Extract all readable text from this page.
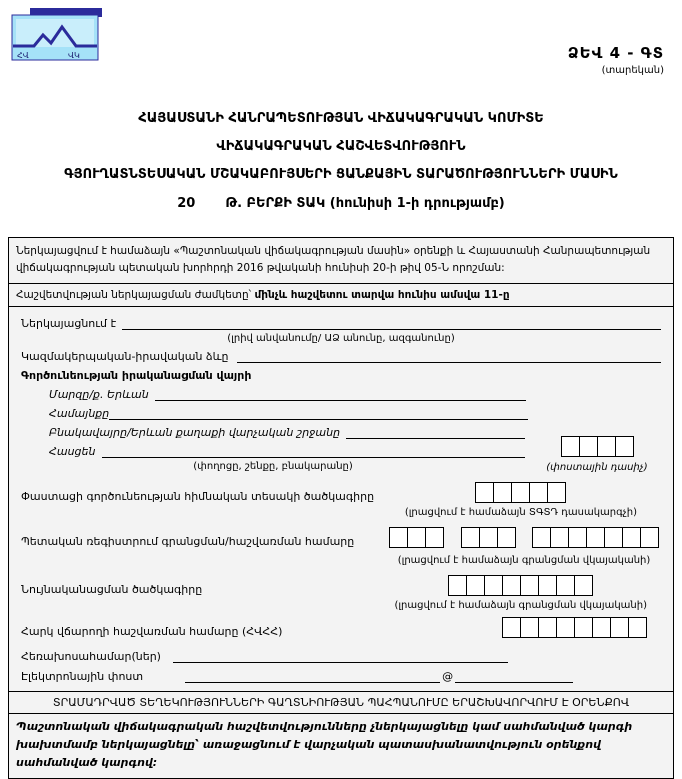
ՀՎ	ՎԿ	ՁԵՎ 4 - ԳՏ
(տարեկան)
ՀԱՅԱՍՏԱՆԻ ՀԱՆՐԱՊԵՏՈՒԹՅԱՆ ՎԻՃԱԿԱԳՐԱԿԱՆ ԿՈՄԻՏԵ
ՎԻՃԱԿԱԳՐԱԿԱՆ ՀԱՇՎԵՏՎՈՒԹՅՈՒՆ
ԳՅՈՒՂԱՏՆՏԵՍԱԿԱՆ ՄՇԱԿԱԲՈՒՅՍԵՐԻ ՑԱՆՔԱՅԻՆ ՏԱՐԱԾՈՒԹՅՈՒՆՆԵՐԻ ՄԱՍԻՆ
20 Թ. ԲԵՐՔԻ ՏԱԿ (հունիսի 1-ի դրությամբ)
Ներկայացվում է համաձայն «Պաշտոնական վիճակագրության մասին» օրենքի և Հայաստանի Հանրապետության վիճակագրության պետական խորհրդի 2016 թվականի հունիսի 20-ի թիվ 05-Ն որոշման:
Հաշվետվության ներկայացման ժամկետը՝ մինչև հաշվետու տարվա հունիս ամսվա 11-ը
Ներկայացնում է
(լրիվ անվանումը/ ԱՁ անունը, ազգանունը)
Կազմակերպական-իրավական ձևը
Գործունեության իրականացման վայրի
Մարզը/ք. Երևան
Համայնքը
Բնակավայրը/Երևան քաղաքի վարչական շրջանը
Հասցեն
(փողոցը, շենքը, բնակարանը)	(փոստային դասիչ)
Փաստացի գործունեության հիմնական տեսակի ծածկագիրը
(լրացվում է համաձայն ՏԳՏԴ դասակարգչի)
Պետական ռեգիստրում գրանցման/հաշվառման համարը

(լրացվում է համաձայն գրանցման վկայականի)
Նույնականացման ծածկագիրը
(լրացվում է համաձայն գրանցման վկայականի)
Հարկ վճարողի հաշվառման համարը (ՀՎՀՀ)
Հեռախոսահամար(ներ)
Էլեկտրոնային փոստ	@
ՏՐԱՄԱԴՐՎԱԾ ՏԵՂԵԿՈՒԹՅՈՒՆՆԵՐԻ ԳԱՂՏՆԻՈՒԹՅԱՆ ՊԱՀՊԱՆՈՒՄԸ ԵՐԱՇԽԱՎՈՐՎՈՒՄ Է ՕՐԵՆՔՈՎ
Պաշտոնական վիճակագրական հաշվետվությունները չներկայացնելը կամ սահմանված կարգի խախտմամբ ներկայացնելը՝ առաջացնում է վարչական պատասխանատվություն օրենքով սահմանված կարգով:
